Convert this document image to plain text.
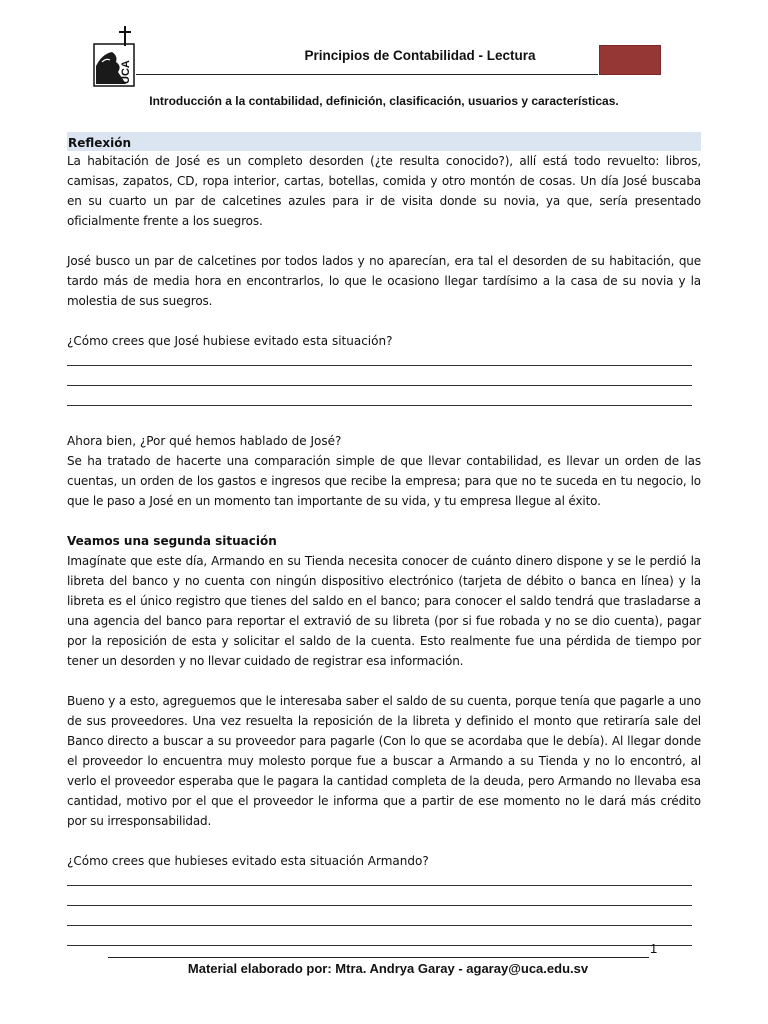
UCA
Principios de Contabilidad - Lectura
Introducción a la contabilidad, definición, clasificación, usuarios y características.
Reflexión

La habitación de José es un completo desorden (¿te resulta conocido?), allí está todo revuelto: libros, camisas, zapatos, CD, ropa interior, cartas, botellas, comida y otro montón de cosas. Un día José buscaba en su cuarto un par de calcetines azules para ir de visita donde su novia, ya que, sería presentado oficialmente frente a los suegros.

José busco un par de calcetines por todos lados y no aparecían, era tal el desorden de su habitación, que tardo más de media hora en encontrarlos, lo que le ocasiono llegar tardísimo a la casa de su novia y la molestia de sus suegros.

¿Cómo crees que José hubiese evitado esta situación?

Ahora bien, ¿Por qué hemos hablado de José?

Se ha tratado de hacerte una comparación simple de que llevar contabilidad, es llevar un orden de las cuentas, un orden de los gastos e ingresos que recibe la empresa; para que no te suceda en tu negocio, lo que le paso a José en un momento tan importante de su vida, y tu empresa llegue al éxito.

Veamos una segunda situación

Imagínate que este día, Armando en su Tienda necesita conocer de cuánto dinero dispone y se le perdió la libreta del banco y no cuenta con ningún dispositivo electrónico (tarjeta de débito o banca en línea) y la libreta es el único registro que tienes del saldo en el banco; para conocer el saldo tendrá que trasladarse a una agencia del banco para reportar el extravió de su libreta (por si fue robada y no se dio cuenta), pagar por la reposición de esta y solicitar el saldo de la cuenta. Esto realmente fue una pérdida de tiempo por tener un desorden y no llevar cuidado de registrar esa información.

Bueno y a esto, agreguemos que le interesaba saber el saldo de su cuenta, porque tenía que pagarle a uno de sus proveedores. Una vez resuelta la reposición de la libreta y definido el monto que retiraría sale del Banco directo a buscar a su proveedor para pagarle (Con lo que se acordaba que le debía). Al llegar donde el proveedor lo encuentra muy molesto porque fue a buscar a Armando a su Tienda y no lo encontró, al verlo el proveedor esperaba que le pagara la cantidad completa de la deuda, pero Armando no llevaba esa cantidad, motivo por el que el proveedor le informa que a partir de ese momento no le dará más crédito por su irresponsabilidad.

¿Cómo crees que hubieses evitado esta situación Armando?

1
Material elaborado por: Mtra. Andrya Garay - agaray@uca.edu.sv
